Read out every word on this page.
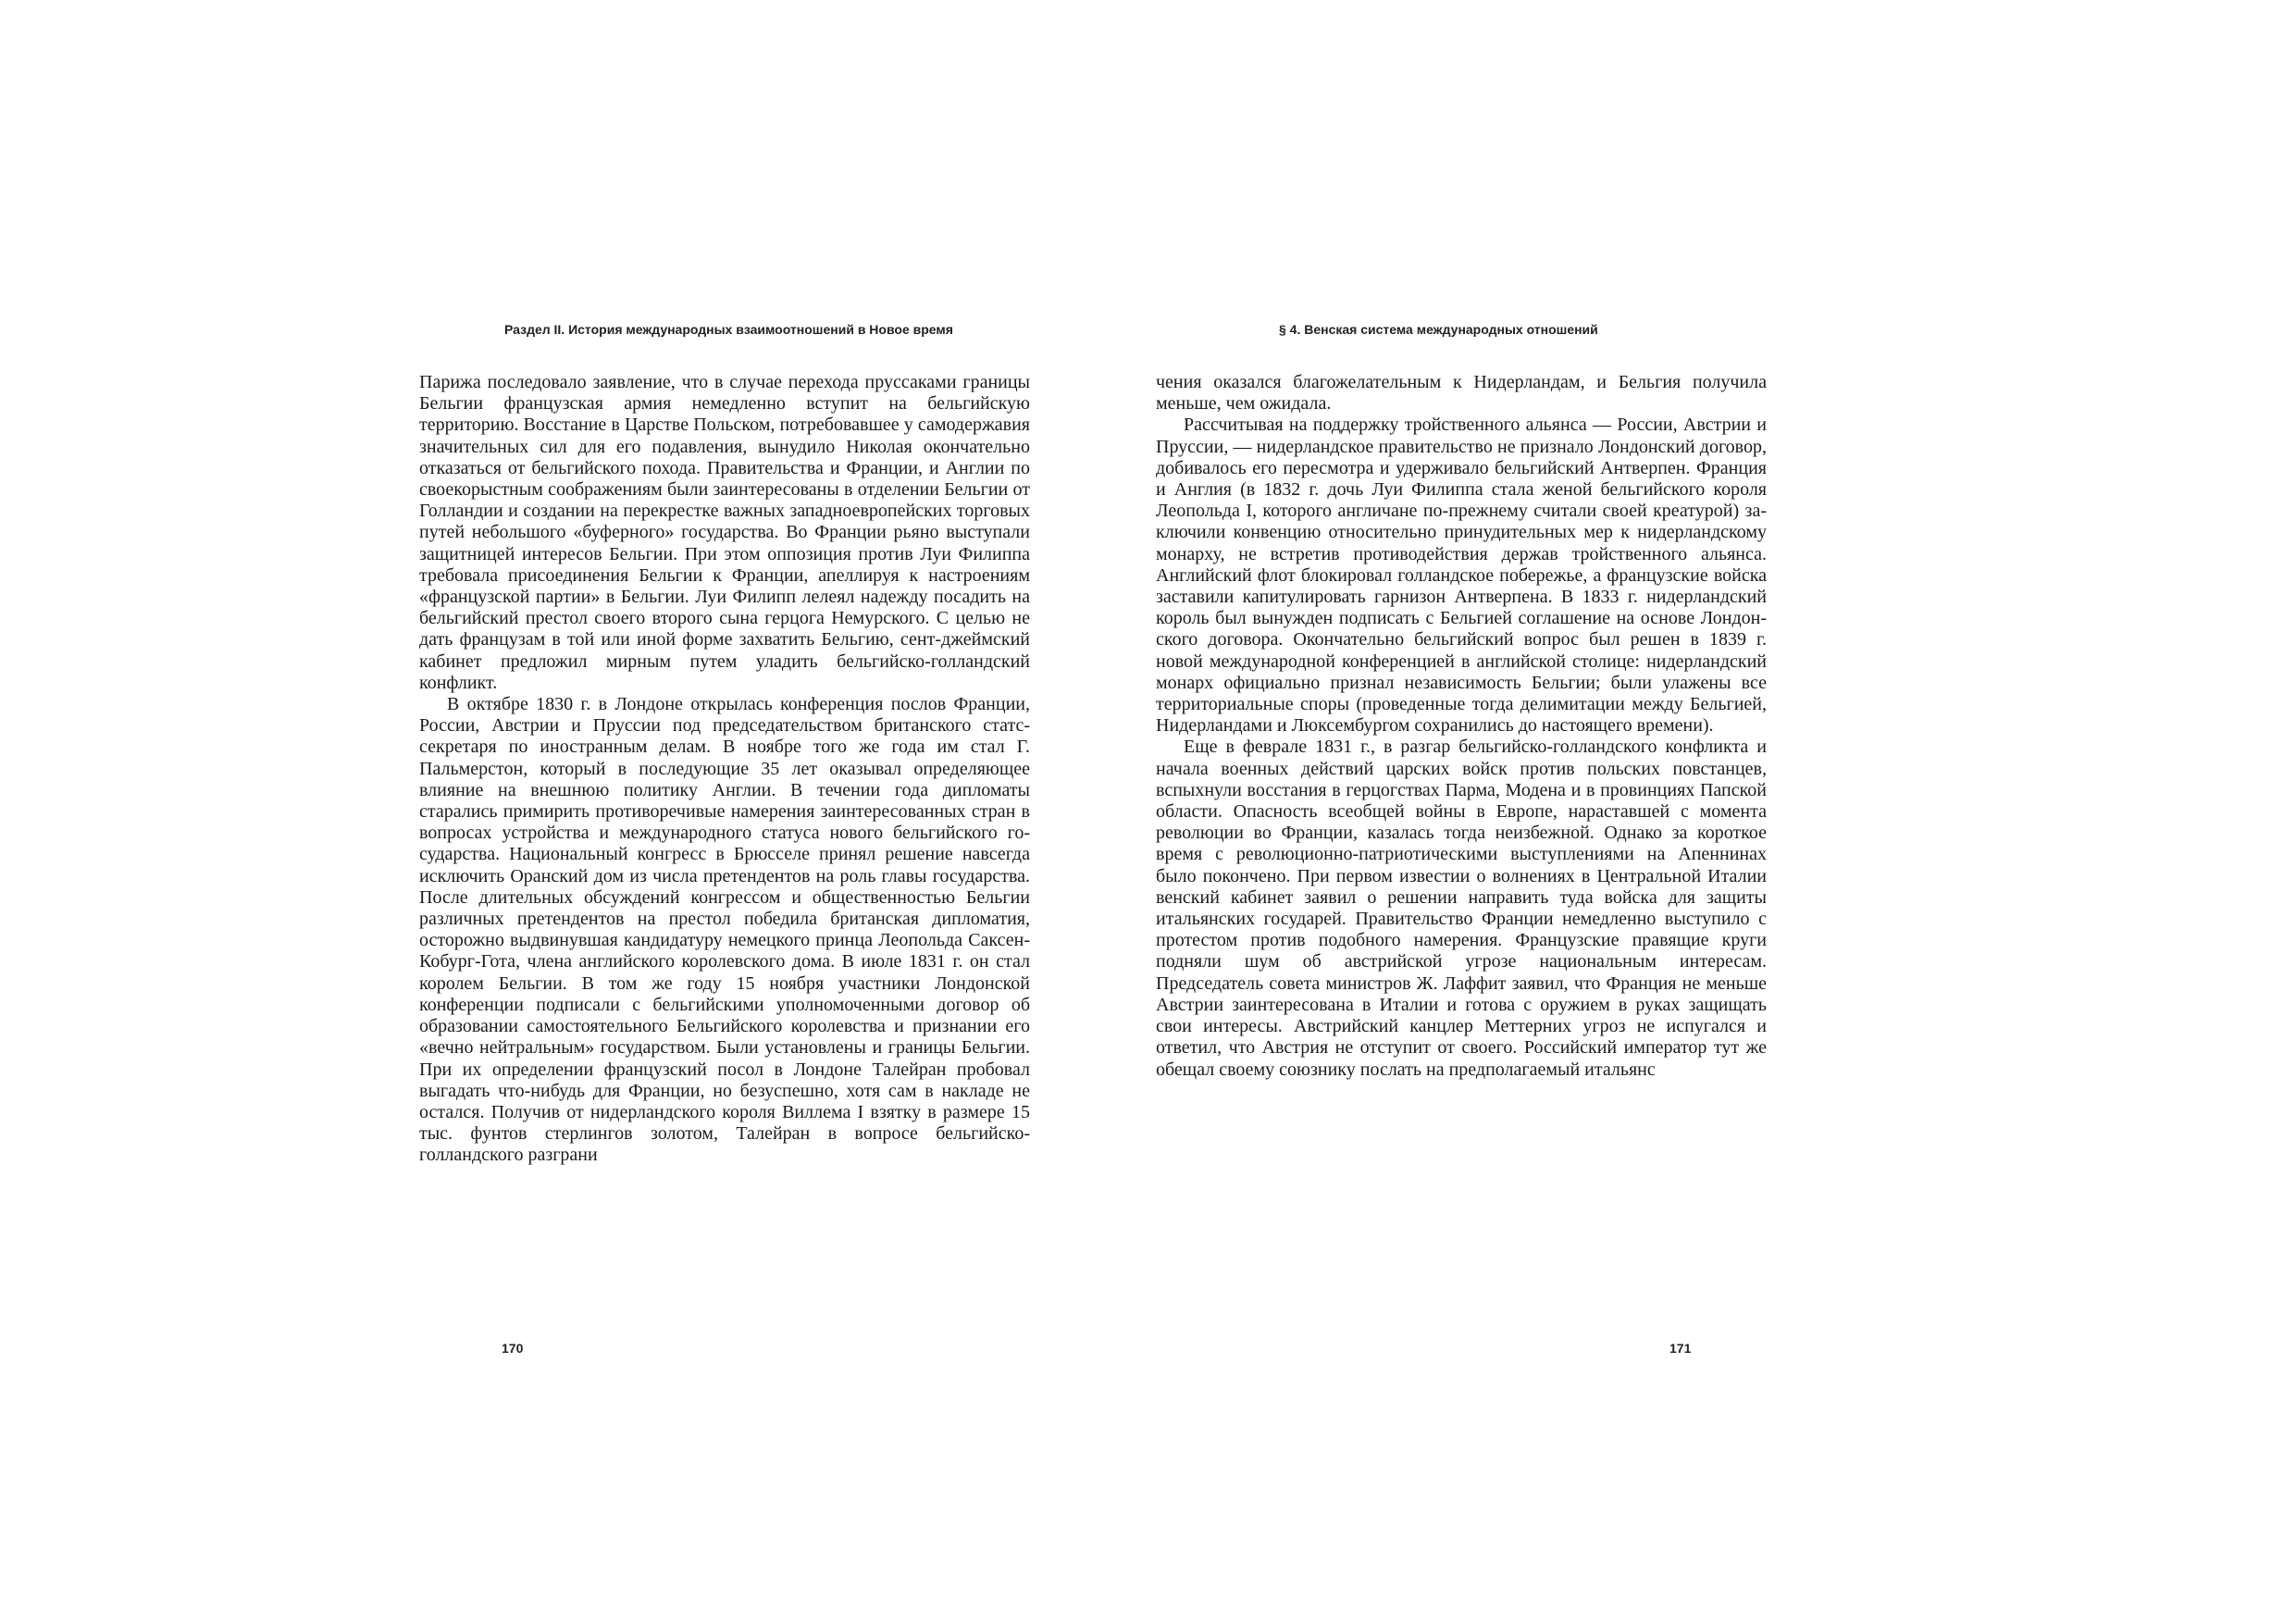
Раздел II. История международных взаимоотношений в Новое время

Парижа последовало заявление, что в случае перехода пруссаками границы Бельгии французская армия немедленно вступит на бельгийскую территорию. Восстание в Царстве Польском, потребовавшее у самодержавия значительных сил для его подавления, вынудило Николая окончательно отказаться от бельгийского похода. Правительства и Франции, и Англии по своекорыстным соображениям были заинтересованы в отделении Бельгии от Голландии и создании на перекрестке важных западноевропейских торговых путей небольшого «буферного» государства. Во Франции рьяно выступали защитницей интересов Бельгии. При этом оппозиция против Луи Филиппа требовала присоединения Бельгии к Франции, апеллируя к настроениям «французской партии» в Бельгии. Луи Филипп лелеял надежду посадить на бельгийский престол своего второго сына герцога Немурского. С целью не дать французам в той или иной форме захватить Бельгию, сент-джеймский кабинет предложил мирным путем уладить бельгийско-голландский конфликт.

В октябре 1830 г. в Лондоне открылась конференция послов Франции, России, Австрии и Пруссии под председательством британского статс-секретаря по иностранным делам. В ноябре того же года им стал Г. Пальмерстон, который в последующие 35 лет оказывал определяющее влияние на внешнюю политику Англии. В течении года дипломаты старались примирить противоречивые намерения заинтересованных стран в вопросах устройства и международного статуса нового бельгийского государства. Национальный конгресс в Брюсселе принял решение навсегда исключить Оранский дом из числа претендентов на роль главы государства. После длительных обсуждений конгрессом и общественностью Бельгии различных претендентов на престол победила британская дипломатия, осторожно выдвинувшая кандидатуру немецкого принца Леопольда Саксен-Кобург-Гота, члена английского королевского дома. В июле 1831 г. он стал королем Бельгии. В том же году 15 ноября участники Лондонской конференции подписали с бельгийскими уполномоченными договор об образовании самостоятельного Бельгийского королевства и признании его «вечно нейтральным» государством. Были установлены и границы Бельгии. При их определении французский посол в Лондоне Талейран пробовал выгадать что-нибудь для Франции, но безуспешно, хотя сам в накладе не остался. Получив от нидерландского короля Виллема I взятку в размере 15 тыс. фунтов стерлингов золотом, Талейран в вопросе бельгийско-голландского разграни

170
§ 4. Венская система международных отношений

чения оказался благожелательным к Нидерландам, и Бельгия получила меньше, чем ожидала.

Рассчитывая на поддержку тройственного альянса — России, Австрии и Пруссии, — нидерландское правительство не признало Лондонский договор, добивалось его пересмотра и удерживало бельгийский Антверпен. Франция и Англия (в 1832 г. дочь Луи Филиппа стала женой бельгийского короля Леопольда I, которого англичане по-прежнему считали своей креатурой) заключили конвенцию относительно принудительных мер к нидерландскому монарху, не встретив противодействия держав тройственного альянса. Английский флот блокировал голландское побережье, а французские войска заставили капитулировать гарнизон Антверпена. В 1833 г. нидерландский король был вынужден подписать с Бельгией соглашение на основе Лондонского договора. Окончательно бельгийский вопрос был решен в 1839 г. новой международной конференцией в английской столице: нидерландский монарх официально признал независимость Бельгии; были улажены все территориальные споры (проведенные тогда делимитации между Бельгией, Нидерландами и Люксембургом сохранились до настоящего времени).

Еще в феврале 1831 г., в разгар бельгийско-голландского конфликта и начала военных действий царских войск против польских повстанцев, вспыхнули восстания в герцогствах Парма, Модена и в провинциях Папской области. Опасность всеобщей войны в Европе, нараставшей с момента революции во Франции, казалась тогда неизбежной. Однако за короткое время с революционно-патриотическими выступлениями на Апеннинах было покончено. При первом известии о волнениях в Центральной Италии венский кабинет заявил о решении направить туда войска для защиты итальянских государей. Правительство Франции немедленно выступило с протестом против подобного намерения. Французские правящие круги подняли шум об австрийской угрозе национальным интересам. Председатель совета министров Ж. Лаффит заявил, что Франция не меньше Австрии заинтересована в Италии и готова с оружием в руках защищать свои интересы. Австрийский канцлер Меттерних угроз не испугался и ответил, что Австрия не отступит от своего. Российский император тут же обещал своему союзнику послать на предполагаемый итальянс

171
